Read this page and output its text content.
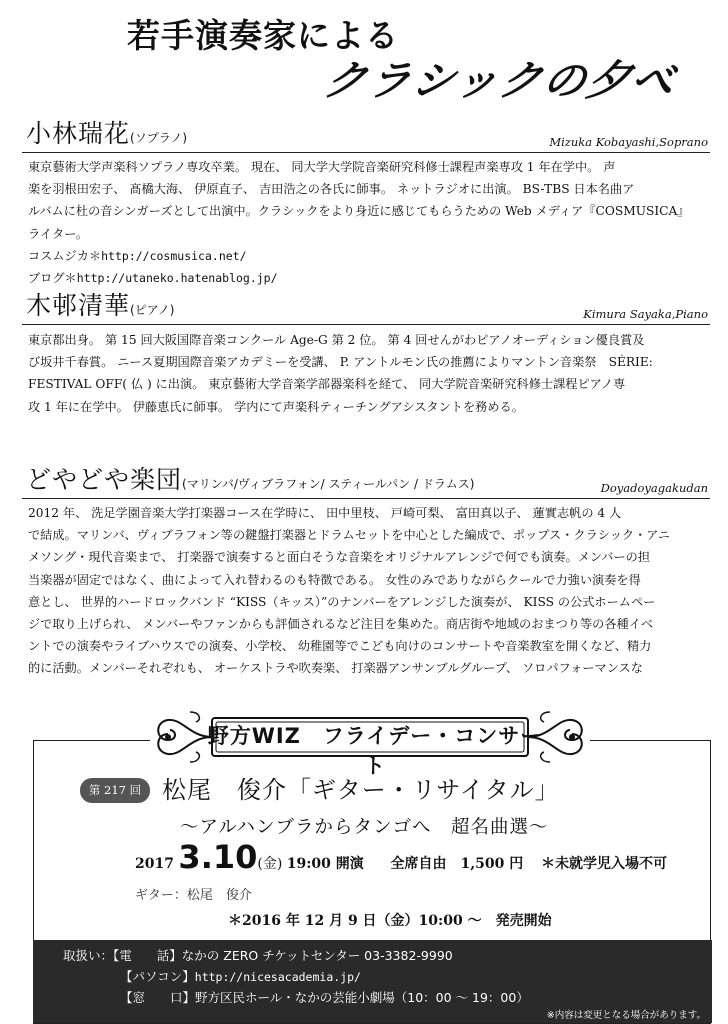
若手演奏家による
クラシックの夕べ
小林瑞花(ソプラノ)	Mizuka Kobayashi,Soprano

東京藝術大学声楽科ソプラノ専攻卒業。 現在、 同大学大学院音楽研究科修士課程声楽専攻 1 年在学中。 声

楽を羽根田宏子、 髙橋大海、 伊原直子、 吉田浩之の各氏に師事。 ネットラジオに出演。 BS-TBS 日本名曲ア

ルバムに杜の音シンガーズとして出演中。クラシックをより身近に感じてもらうための Web メディア『COSMUSICA』

ライター。

コスムジカ＊http://cosmusica.net/

ブログ＊http://utaneko.hatenablog.jp/

木邨清華(ピアノ)	Kimura Sayaka,Piano

東京都出身。 第 15 回大阪国際音楽コンクール Age-G 第 2 位。 第 4 回せんがわピアノオーディション優良賞及

び坂井千春賞。 ニース夏期国際音楽アカデミーを受講、 P. アントルモン氏の推薦によりマントン音楽祭　SÉRIE:

FESTIVAL OFF( 仏 ) に出演。 東京藝術大学音楽学部器楽科を経て、 同大学院音楽研究科修士課程ピアノ専

攻 1 年に在学中。 伊藤恵氏に師事。 学内にて声楽科ティーチングアシスタントを務める。

どやどや楽団(マリンバ/ヴィブラフォン/ スティールパン / ドラムス)	Doyadoyagakudan

2012 年、 洗足学園音楽大学打楽器コース在学時に、 田中里枝、 戸崎可梨、 富田真以子、 蓮實志帆の 4 人

で結成。マリンバ、ヴィブラフォン等の鍵盤打楽器とドラムセットを中心とした編成で、ポップス・クラシック・アニ

メソング・現代音楽まで、 打楽器で演奏すると面白そうな音楽をオリジナルアレンジで何でも演奏。メンバーの担

当楽器が固定ではなく、曲によって入れ替わるのも特徴である。 女性のみでありながらクールで力強い演奏を得

意とし、 世界的ハードロックバンド “KISS（キッス）”のナンバーをアレンジした演奏が、 KISS の公式ホームペー

ジで取り上げられ、 メンバーやファンからも評価されるなど注目を集めた。商店街や地域のおまつり等の各種イベ

ントでの演奏やライブハウスでの演奏、小学校、 幼稚園等でこども向けのコンサートや音楽教室を開くなど、精力

的に活動。メンバーそれぞれも、 オーケストラや吹奏楽、 打楽器アンサンブルグループ、 ソロパフォーマンスな

野方WIZ　フライデー・コンサート
第 217 回 松尾　俊介「ギター・リサイタル」
〜アルハンブラからタンゴへ　超名曲選〜
2017 3.10(金) 19:00 開演 全席自由　1,500 円 ＊未就学児入場不可
ギター：松尾　俊介
＊2016 年 12 月 9 日（金）10:00 〜　発売開始
取扱い：【電　　話】なかの ZERO チケットセンター 03-3382-9990
【パソコン】http://nicesacademia.jp/
【窓　　口】野方区民ホール・なかの芸能小劇場（10：00 〜 19：00）
※内容は変更となる場合があります。
